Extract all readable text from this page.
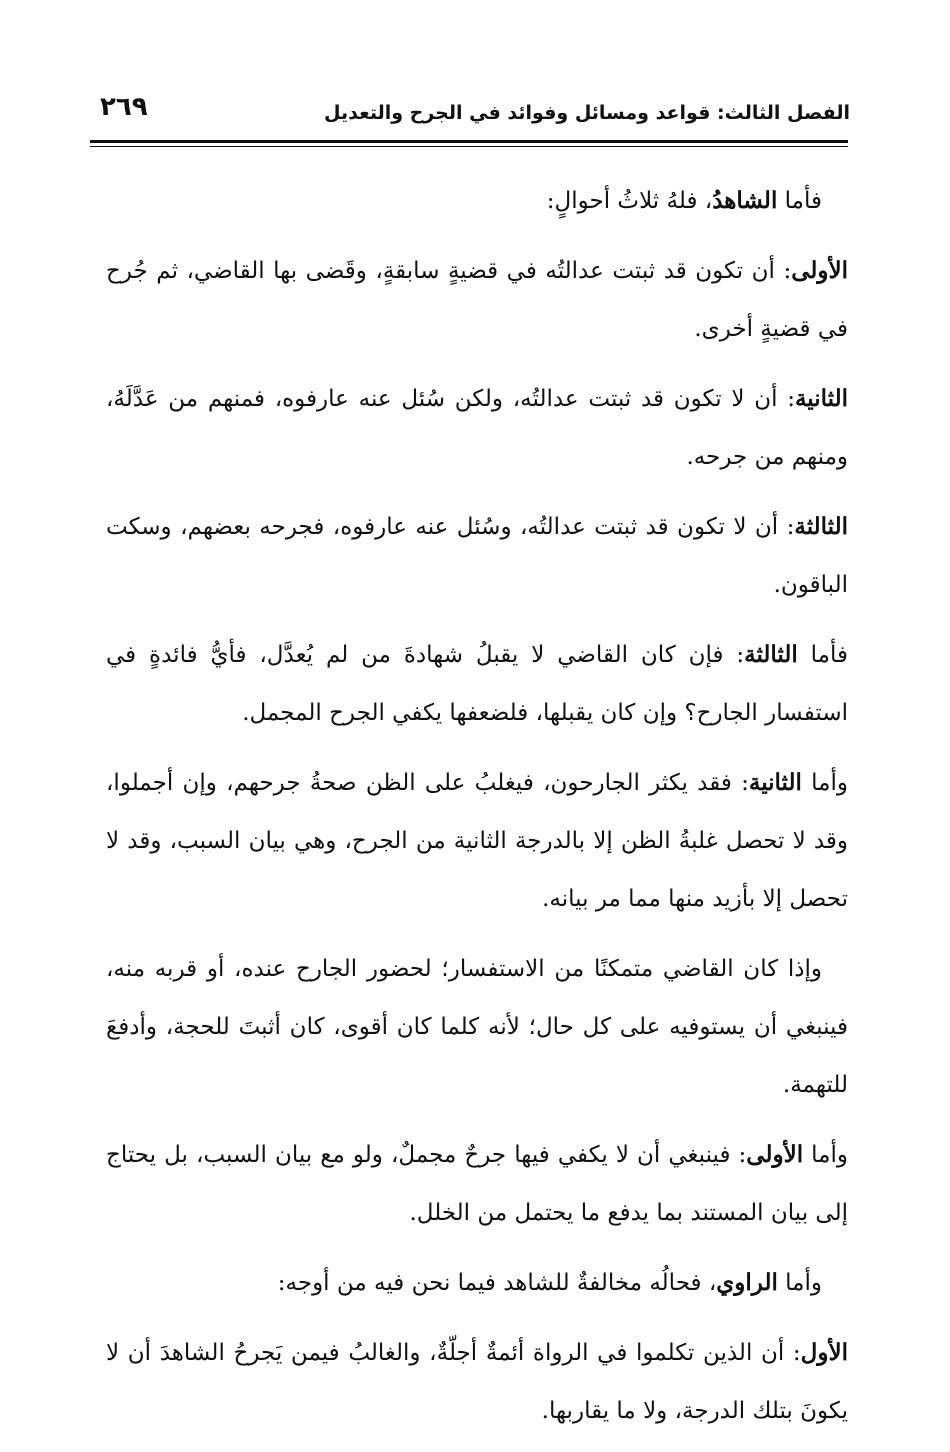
٢٦٩	الفصل الثالث: قواعد ومسائل وفوائد في الجرح والتعديل

فأما الشاهدُ، فلهُ ثلاثُ أحوالٍ:

الأولى: أن تكون قد ثبتت عدالتُه في قضيةٍ سابقةٍ، وقَضى بها القاضي، ثم جُرح في قضيةٍ أخرى.

الثانية: أن لا تكون قد ثبتت عدالتُه، ولكن سُئل عنه عارفوه، فمنهم من عَدَّلَهُ، ومنهم من جرحه.

الثالثة: أن لا تكون قد ثبتت عدالتُه، وسُئل عنه عارفوه، فجرحه بعضهم، وسكت الباقون.

فأما الثالثة: فإن كان القاضي لا يقبلُ شهادةَ من لم يُعدَّل، فأيُّ فائدةٍ في استفسار الجارح؟ وإن كان يقبلها، فلضعفها يكفي الجرح المجمل.

وأما الثانية: فقد يكثر الجارحون، فيغلبُ على الظن صحةُ جرحهم، وإن أجملوا، وقد لا تحصل غلبةُ الظن إلا بالدرجة الثانية من الجرح، وهي بيان السبب، وقد لا تحصل إلا بأزيد منها مما مر بيانه.

وإذا كان القاضي متمكنًا من الاستفسار؛ لحضور الجارح عنده، أو قربه منه، فينبغي أن يستوفيه على كل حال؛ لأنه كلما كان أقوى، كان أثبتَ للحجة، وأدفعَ للتهمة.

وأما الأولى: فينبغي أن لا يكفي فيها جرحٌ مجملٌ، ولو مع بيان السبب، بل يحتاج إلى بيان المستند بما يدفع ما يحتمل من الخلل.

وأما الراوي، فحالُه مخالفةٌ للشاهد فيما نحن فيه من أوجه:

الأول: أن الذين تكلموا في الرواة أئمةٌ أجلّةٌ، والغالبُ فيمن يَجرحُ الشاهدَ أن لا يكونَ بتلك الدرجة، ولا ما يقاربها.
